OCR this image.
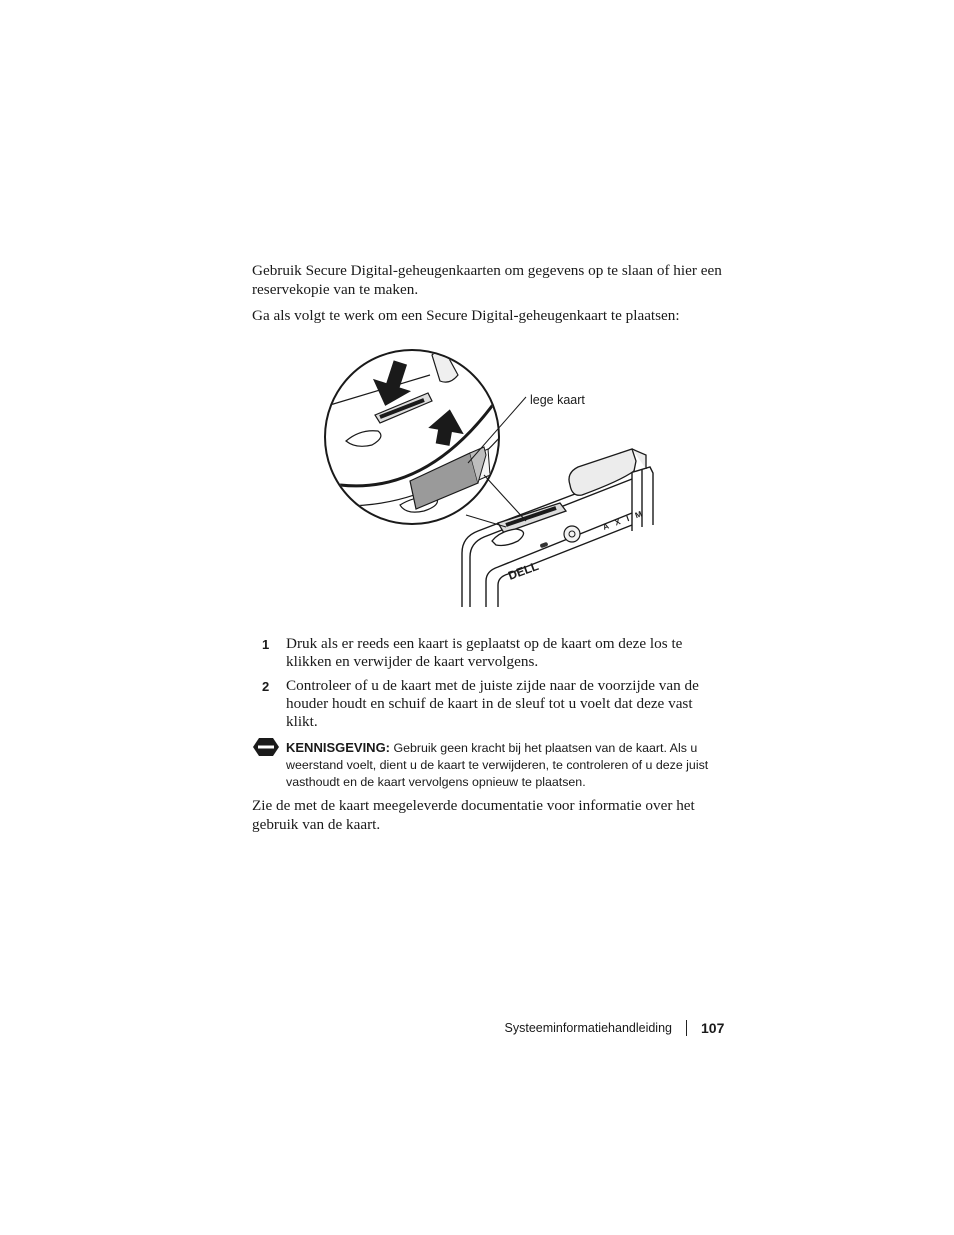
Gebruik Secure Digital-geheugenkaarten om gegevens op te slaan of hier een reservekopie van te maken.
Ga als volgt te werk om een Secure Digital-geheugenkaart te plaatsen:
AXIM
DELL
lege kaart
1 Druk als er reeds een kaart is geplaatst op de kaart om deze los te klikken en verwijder de kaart vervolgens.
2 Controleer of u de kaart met de juiste zijde naar de voorzijde van de houder houdt en schuif de kaart in de sleuf tot u voelt dat deze vast klikt.
KENNISGEVING: Gebruik geen kracht bij het plaatsen van de kaart. Als u weerstand voelt, dient u de kaart te verwijderen, te controleren of u deze juist vasthoudt en de kaart vervolgens opnieuw te plaatsen.
Zie de met de kaart meegeleverde documentatie voor informatie over het gebruik van de kaart.
Systeeminformatiehandleiding 107
